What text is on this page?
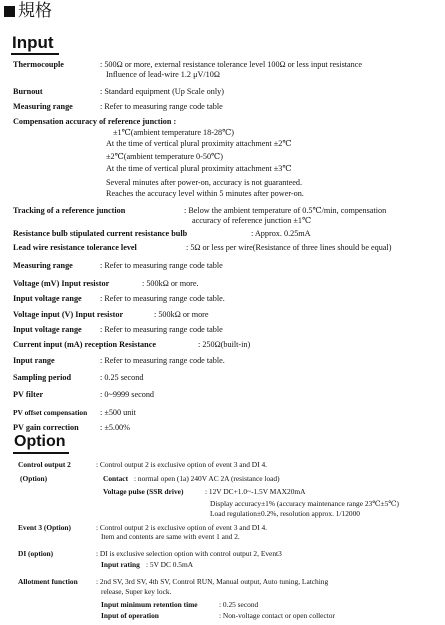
規格
Input
Thermocouple	: 500Ω or more, external resistance tolerance level 100Ω or less input resistance
Influence of lead-wire 1.2 μV/10Ω
Burnout	: Standard equipment (Up Scale only)
Measuring range	: Refer to measuring range code table
Compensation accuracy of reference junction :
±1℃(ambient temperature 18-28℃)
At the time of vertical plural proximity attachment ±2℃
±2℃(ambient temperature 0-50℃)
At the time of vertical plural proximity attachment ±3℃
Several minutes after power-on, accuracy is not guaranteed.
Reaches the accuracy level within 5 minutes after power-on.
Tracking of a reference junction	: Below the ambient temperature of 0.5℃/min, compensation
accuracy of reference junction ±1℃
Resistance bulb stipulated current resistance bulb	: Approx. 0.25mA
Lead wire resistance tolerance level	: 5Ω or less per wire(Resistance of three lines should be equal)
Measuring range	: Refer to measuring range code table
Voltage (mV) Input resistor	: 500kΩ or more.
Input voltage range : Refer to measuring range code table.
Voltage input (V) Input resistor	: 500kΩ or more
Input voltage range : Refer to measuring range code table
Current input (mA) reception Resistance	: 250Ω(built-in)
Input range	: Refer to measuring range code table.
Sampling period	: 0.25 second
PV filter	: 0~9999 second
PV offset compensation : ±500 unit
PV gain correction	: ±5.00%
Option
Control output 2	: Control output 2 is exclusive option of event 3 and DI 4.
(Option)	Contact : normal open (1a) 240V AC 2A (resistance load)
Voltage pulse (SSR drive)	: 12V DC+1.0~-1.5V MAX20mA
Display accuracy±1% (accuracy maintenance range 23℃±5℃)
Load regulation±0.2%, resolution approx. 1/12000
Event 3 (Option)	: Control output 2 is exclusive option of event 3 and DI 4.
Item and contents are same with event 1 and 2.
DI (option)	: DI is exclusive selection option with control output 2, Event3
Input rating : 5V DC 0.5mA
Allotment function : 2nd SV, 3rd SV, 4th SV, Control RUN, Manual output, Auto tuning, Latching
release, Super key lock.
Input minimum retention time	: 0.25 second
Input of operation	: Non-voltage contact or open collector
